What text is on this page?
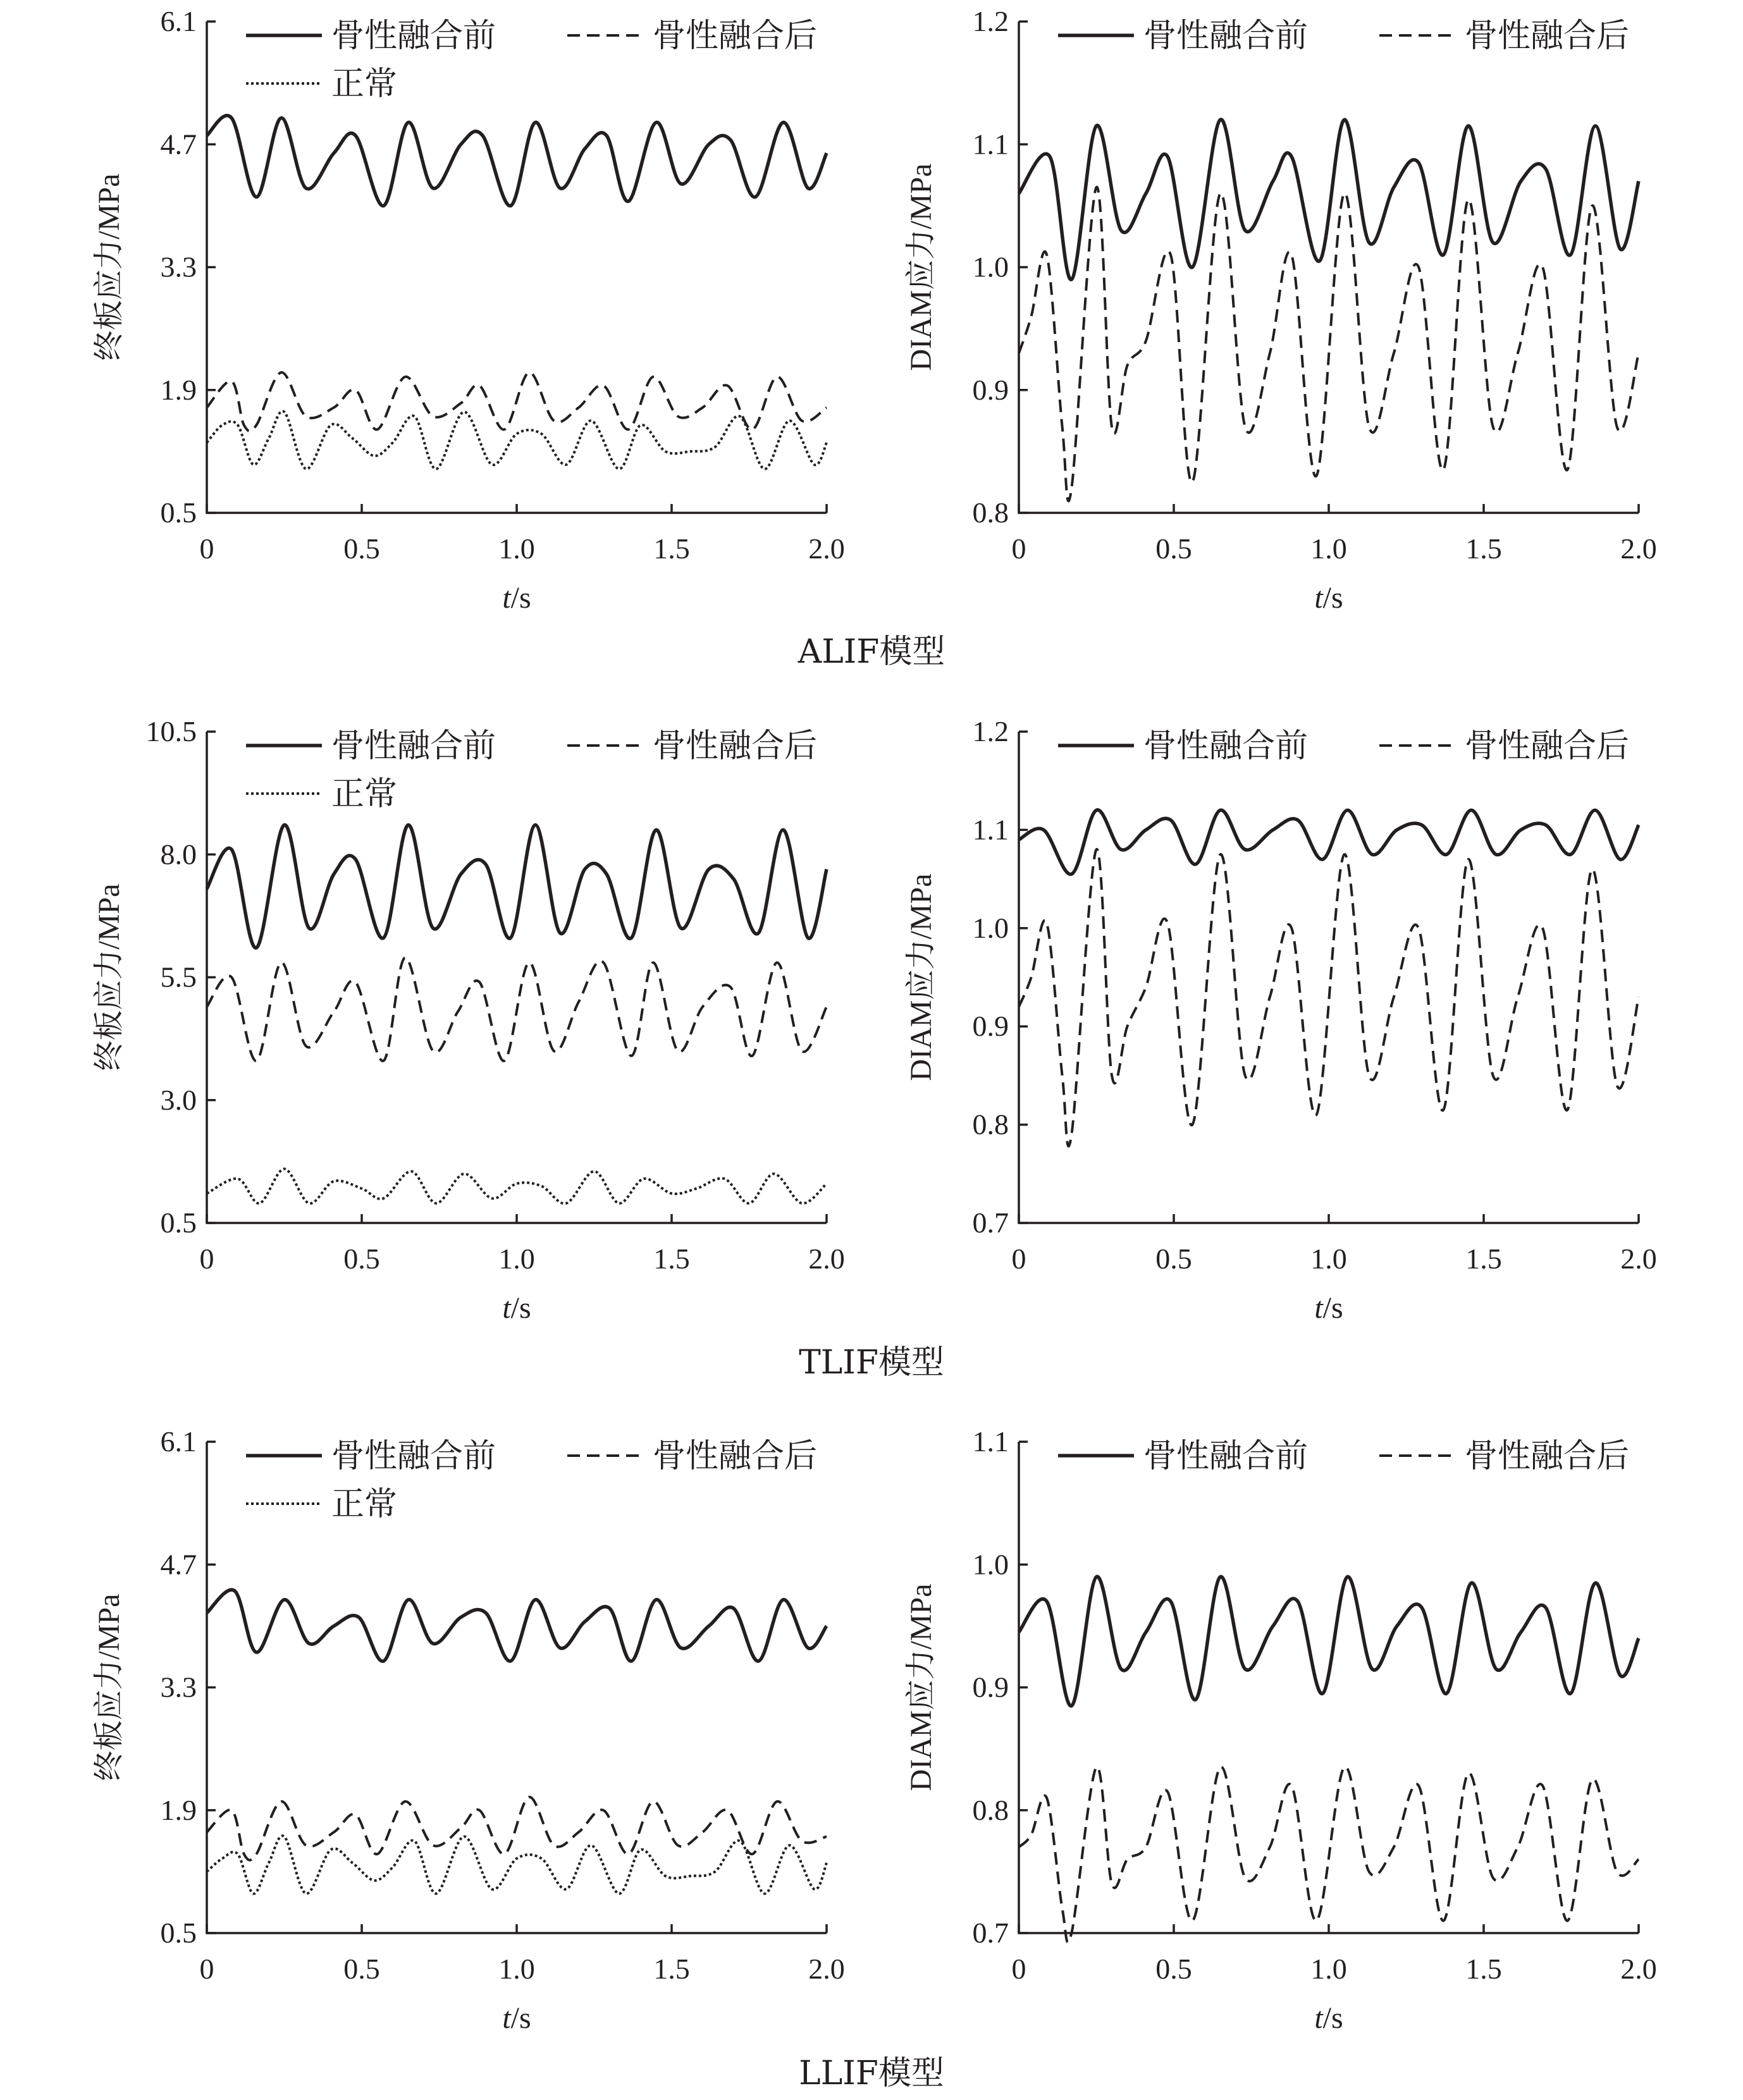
0.5
1.9
3.3
4.7
6.1
0	0.5	1.0	1.5	2.0
t/s
终板应力/MPa
骨性融合前	骨性融合后
正常
0.8
0.9
1.0
1.1
1.2
0	0.5	1.0	1.5	2.0
t/s
DIAM应力/MPa
骨性融合前	骨性融合后
0.5
3.0
5.5
8.0
10.5
0	0.5	1.0	1.5	2.0
t/s
终板应力/MPa
骨性融合前	骨性融合后
正常
0.7
0.8
0.9
1.0
1.1
1.2
0	0.5	1.0	1.5	2.0
t/s
DIAM应力/MPa
骨性融合前	骨性融合后
0.5
1.9
3.3
4.7
6.1
0	0.5	1.0	1.5	2.0
t/s
终板应力/MPa
骨性融合前	骨性融合后
正常
0.7
0.8
0.9
1.0
1.1
0	0.5	1.0	1.5	2.0
t/s
DIAM应力/MPa
骨性融合前	骨性融合后
ALIF模型
TLIF模型
LLIF模型
